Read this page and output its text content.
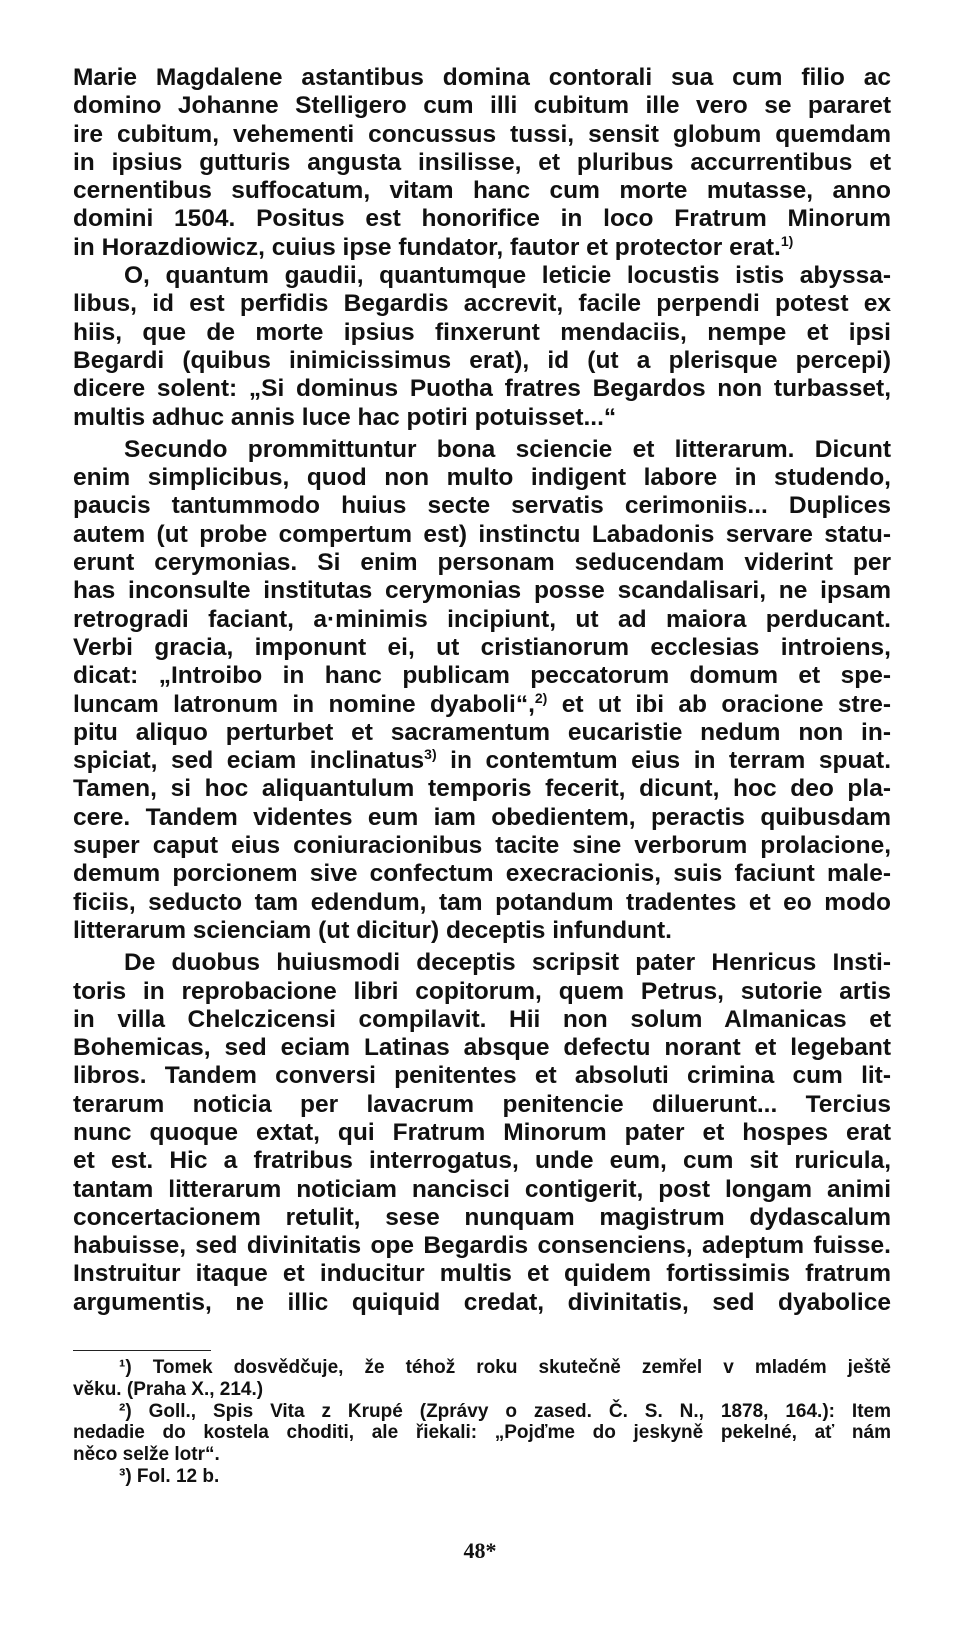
Marie Magdalene astantibus domina contorali sua cum filio ac
domino Johanne Stelligero cum illi cubitum ille vero se pararet
ire cubitum, vehementi concussus tussi, sensit globum quemdam
in ipsius gutturis angusta insilisse, et pluribus accurrentibus et
cernentibus suffocatum, vitam hanc cum morte mutasse, anno
domini 1504. Positus est honorifice in loco Fratrum Minorum
in Horazdiowicz, cuius ipse fundator, fautor et protector erat.$^{1)}$
O, quantum gaudii, quantumque leticie locustis istis abyssa-
libus, id est perfidis Begardis accrevit, facile perpendi potest ex
hiis, que de morte ipsius finxerunt mendaciis, nempe et ipsi
Begardi (quibus inimicissimus erat), id (ut a plerisque percepi)
dicere solent: „Si dominus Puotha fratres Begardos non turbasset,
multis adhuc annis luce hac potiri potuisset...“
Secundo prommittuntur bona sciencie et litterarum. Dicunt
enim simplicibus, quod non multo indigent labore in studendo,
paucis tantummodo huius secte servatis cerimoniis... Duplices
autem (ut probe compertum est) instinctu Labadonis servare statu-
erunt cerymonias. Si enim personam seducendam viderint per
has inconsulte institutas cerymonias posse scandalisari, ne ipsam
retrogradi faciant, a·minimis incipiunt, ut ad maiora perducant.
Verbi gracia, imponunt ei, ut cristianorum ecclesias introiens,
dicat: „Introibo in hanc publicam peccatorum domum et spe-
luncam latronum in nomine dyaboli“,$^{2)}$ et ut ibi ab oracione stre-
pitu aliquo perturbet et sacramentum eucaristie nedum non in-
spiciat, sed eciam inclinatus$^{3)}$ in contemtum eius in terram spuat.
Tamen, si hoc aliquantulum temporis fecerit, dicunt, hoc deo pla-
cere. Tandem videntes eum iam obedientem, peractis quibusdam
super caput eius coniuracionibus tacite sine verborum prolacione,
demum porcionem sive confectum execracionis, suis faciunt male-
ficiis, seducto tam edendum, tam potandum tradentes et eo modo
litterarum scienciam (ut dicitur) deceptis infundunt.
De duobus huiusmodi deceptis scripsit pater Henricus Insti-
toris in reprobacione libri copitorum, quem Petrus, sutorie artis
in villa Chelczicensi compilavit. Hii non solum Almanicas et
Bohemicas, sed eciam Latinas absque defectu norant et legebant
libros. Tandem conversi penitentes et absoluti crimina cum lit-
terarum noticia per lavacrum penitencie diluerunt... Tercius
nunc quoque extat, qui Fratrum Minorum pater et hospes erat
et est. Hic a fratribus interrogatus, unde eum, cum sit ruricula,
tantam litterarum noticiam nancisci contigerit, post longam animi
concertacionem retulit, sese nunquam magistrum dydascalum
habuisse, sed divinitatis ope Begardis consenciens, adeptum fuisse.
Instruitur itaque et inducitur multis et quidem fortissimis fratrum
argumentis, ne illic quiquid credat, divinitatis, sed dyabolice
¹) Tomek dosvědčuje, že téhož roku skutečně zemřel v mladém ještě
věku. (Praha X., 214.)
²) Goll., Spis Vita z Krupé (Zprávy o zased. Č. S. N., 1878, 164.): Item
nedadie do kostela choditi, ale řiekali: „Pojďme do jeskyně pekelné, ať nám
něco selže lotr“.
³) Fol. 12 b.
48*
